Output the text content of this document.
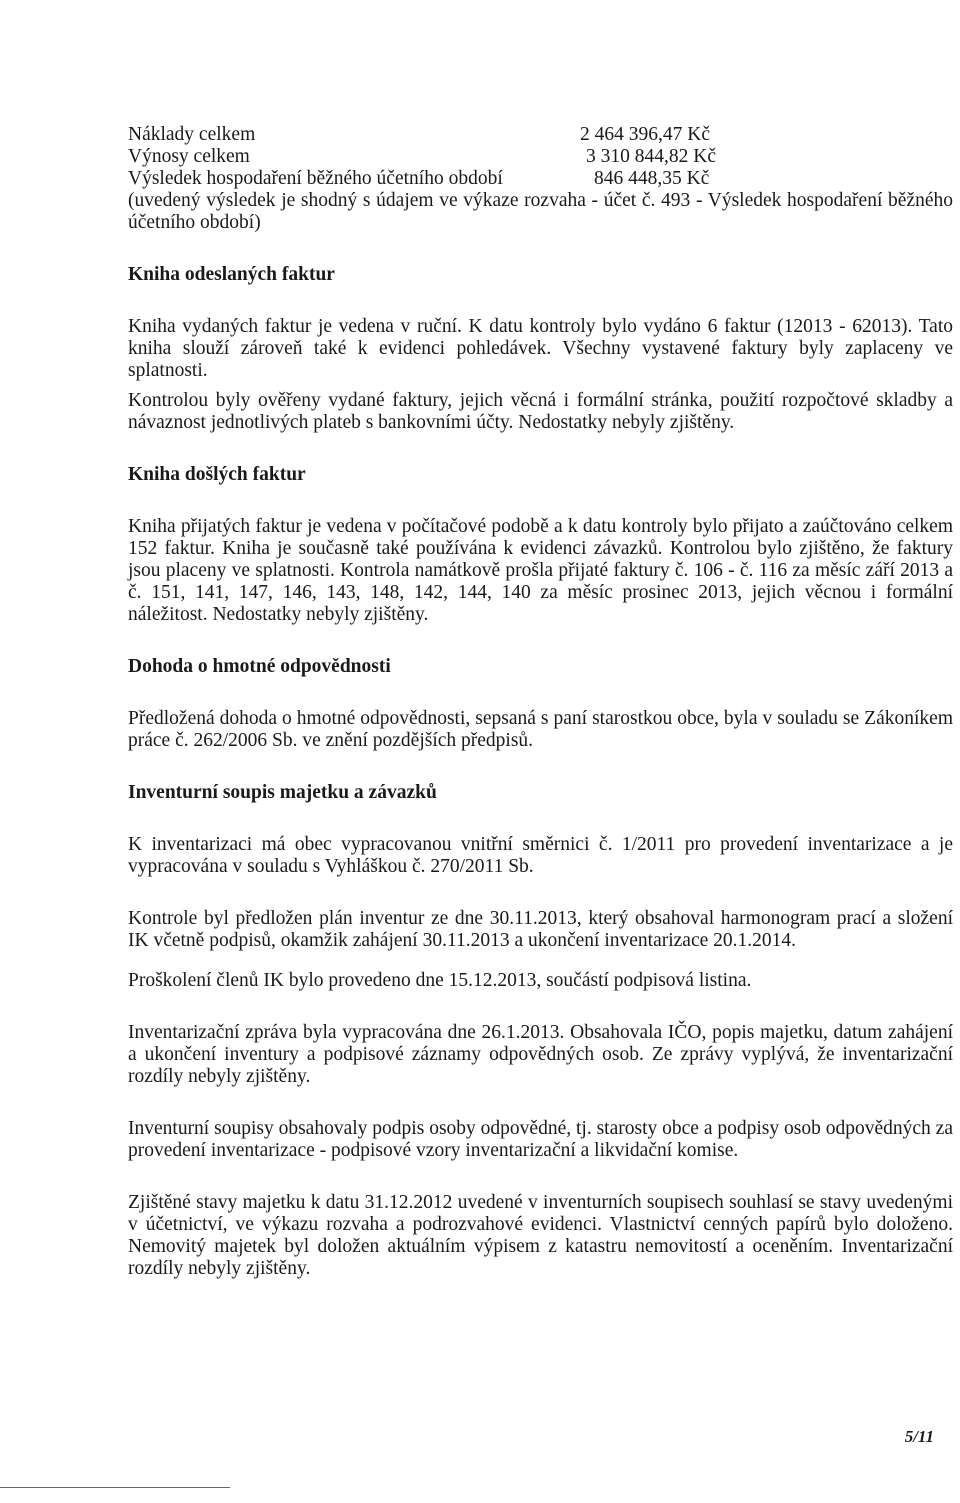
Náklady celkem	2 464 396,47 Kč
Výnosy celkem	3 310 844,82 Kč
Výsledek hospodaření běžného účetního období	846 448,35 Kč

(uvedený výsledek je shodný s údajem ve výkaze rozvaha - účet č. 493 - Výsledek hospodaření běžného účetního období)

Kniha odeslaných faktur

Kniha vydaných faktur je vedena v ruční. K datu kontroly bylo vydáno 6 faktur (12013 - 62013). Tato kniha slouží zároveň také k evidenci pohledávek. Všechny vystavené faktury byly zaplaceny ve splatnosti.

Kontrolou byly ověřeny vydané faktury, jejich věcná i formální stránka, použití rozpočtové skladby a návaznost jednotlivých plateb s bankovními účty. Nedostatky nebyly zjištěny.

Kniha došlých faktur

Kniha přijatých faktur je vedena v počítačové podobě a k datu kontroly bylo přijato a zaúčtováno celkem 152 faktur. Kniha je současně také používána k evidenci závazků. Kontrolou bylo zjištěno, že faktury jsou placeny ve splatnosti. Kontrola namátkově prošla přijaté faktury č. 106 - č. 116 za měsíc září 2013 a č. 151, 141, 147, 146, 143, 148, 142, 144, 140 za měsíc prosinec 2013, jejich věcnou i formální náležitost. Nedostatky nebyly zjištěny.

Dohoda o hmotné odpovědnosti

Předložená dohoda o hmotné odpovědnosti, sepsaná s paní starostkou obce, byla v souladu se Zákoníkem práce č. 262/2006 Sb. ve znění pozdějších předpisů.

Inventurní soupis majetku a závazků

K inventarizaci má obec vypracovanou vnitřní směrnici č. 1/2011 pro provedení inventarizace a je vypracována v souladu s Vyhláškou č. 270/2011 Sb.

Kontrole byl předložen plán inventur ze dne 30.11.2013, který obsahoval harmonogram prací a složení IK včetně podpisů, okamžik zahájení 30.11.2013 a ukončení inventarizace 20.1.2014.

Proškolení členů IK bylo provedeno dne 15.12.2013, součástí podpisová listina.

Inventarizační zpráva byla vypracována dne 26.1.2013. Obsahovala IČO, popis majetku, datum zahájení a ukončení inventury a podpisové záznamy odpovědných osob. Ze zprávy vyplývá, že inventarizační rozdíly nebyly zjištěny.

Inventurní soupisy obsahovaly podpis osoby odpovědné, tj. starosty obce a podpisy osob odpovědných za provedení inventarizace - podpisové vzory inventarizační a likvidační komise.

Zjištěné stavy majetku k datu 31.12.2012 uvedené v inventurních soupisech souhlasí se stavy uvedenými v účetnictví, ve výkazu rozvaha a podrozvahové evidenci. Vlastnictví cenných papírů bylo doloženo. Nemovitý majetek byl doložen aktuálním výpisem z katastru nemovitostí a oceněním. Inventarizační rozdíly nebyly zjištěny.

5/11
